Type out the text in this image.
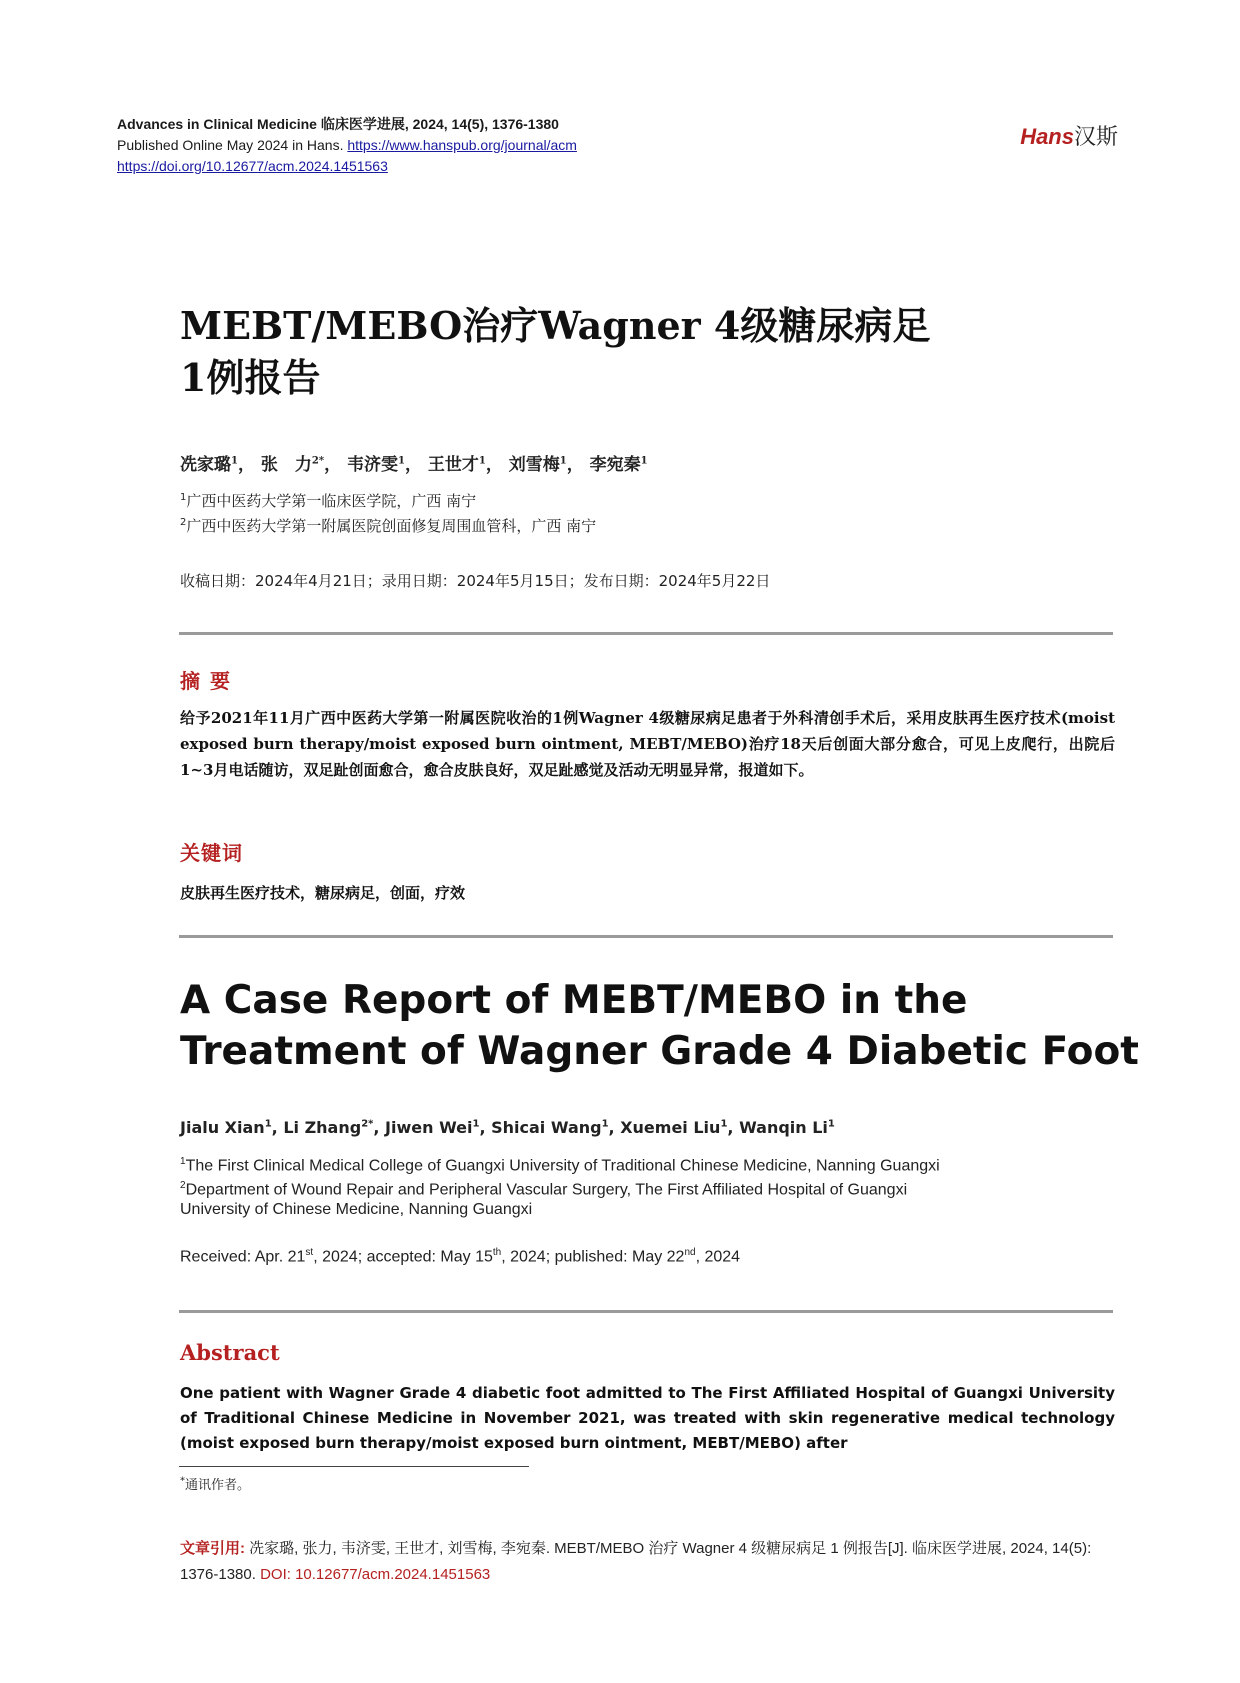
Advances in Clinical Medicine 临床医学进展, 2024, 14(5), 1376-1380
Published Online May 2024 in Hans. https://www.hanspub.org/journal/acm
https://doi.org/10.12677/acm.2024.1451563
Hans汉斯
MEBT/MEBO治疗Wagner 4级糖尿病足
1例报告
冼家璐$^1$， 张　力$^{2*}$， 韦济雯$^1$， 王世才$^1$， 刘雪梅$^1$， 李宛秦$^1$
$^1$广西中医药大学第一临床医学院，广西 南宁
$^2$广西中医药大学第一附属医院创面修复周围血管科，广西 南宁
收稿日期：2024年4月21日；录用日期：2024年5月15日；发布日期：2024年5月22日
摘要
给予2021年11月广西中医药大学第一附属医院收治的1例Wagner 4级糖尿病足患者于外科清创手术后，采用皮肤再生医疗技术(moist exposed burn therapy/moist exposed burn ointment, MEBT/MEBO)治疗18天后创面大部分愈合，可见上皮爬行，出院后1~3月电话随访，双足趾创面愈合，愈合皮肤良好，双足趾感觉及活动无明显异常，报道如下。
关键词
皮肤再生医疗技术，糖尿病足，创面，疗效
A Case Report of MEBT/MEBO in the
Treatment of Wagner Grade 4 Diabetic Foot
Jialu Xian$^1$, Li Zhang$^{2*}$, Jiwen Wei$^1$, Shicai Wang$^1$, Xuemei Liu$^1$, Wanqin Li$^1$
$^1$The First Clinical Medical College of Guangxi University of Traditional Chinese Medicine, Nanning Guangxi
$^2$Department of Wound Repair and Peripheral Vascular Surgery, The First Affiliated Hospital of Guangxi
University of Chinese Medicine, Nanning Guangxi
Received: Apr. 21st, 2024; accepted: May 15th, 2024; published: May 22nd, 2024
Abstract
One patient with Wagner Grade 4 diabetic foot admitted to The First Affiliated Hospital of Guangxi University of Traditional Chinese Medicine in November 2021, was treated with skin regenerative medical technology (moist exposed burn therapy/moist exposed burn ointment, MEBT/MEBO) after
*通讯作者。
文章引用: 冼家璐, 张力, 韦济雯, 王世才, 刘雪梅, 李宛秦. MEBT/MEBO 治疗 Wagner 4 级糖尿病足 1 例报告[J]. 临床医学进展, 2024, 14(5): 1376-1380. DOI: 10.12677/acm.2024.1451563
